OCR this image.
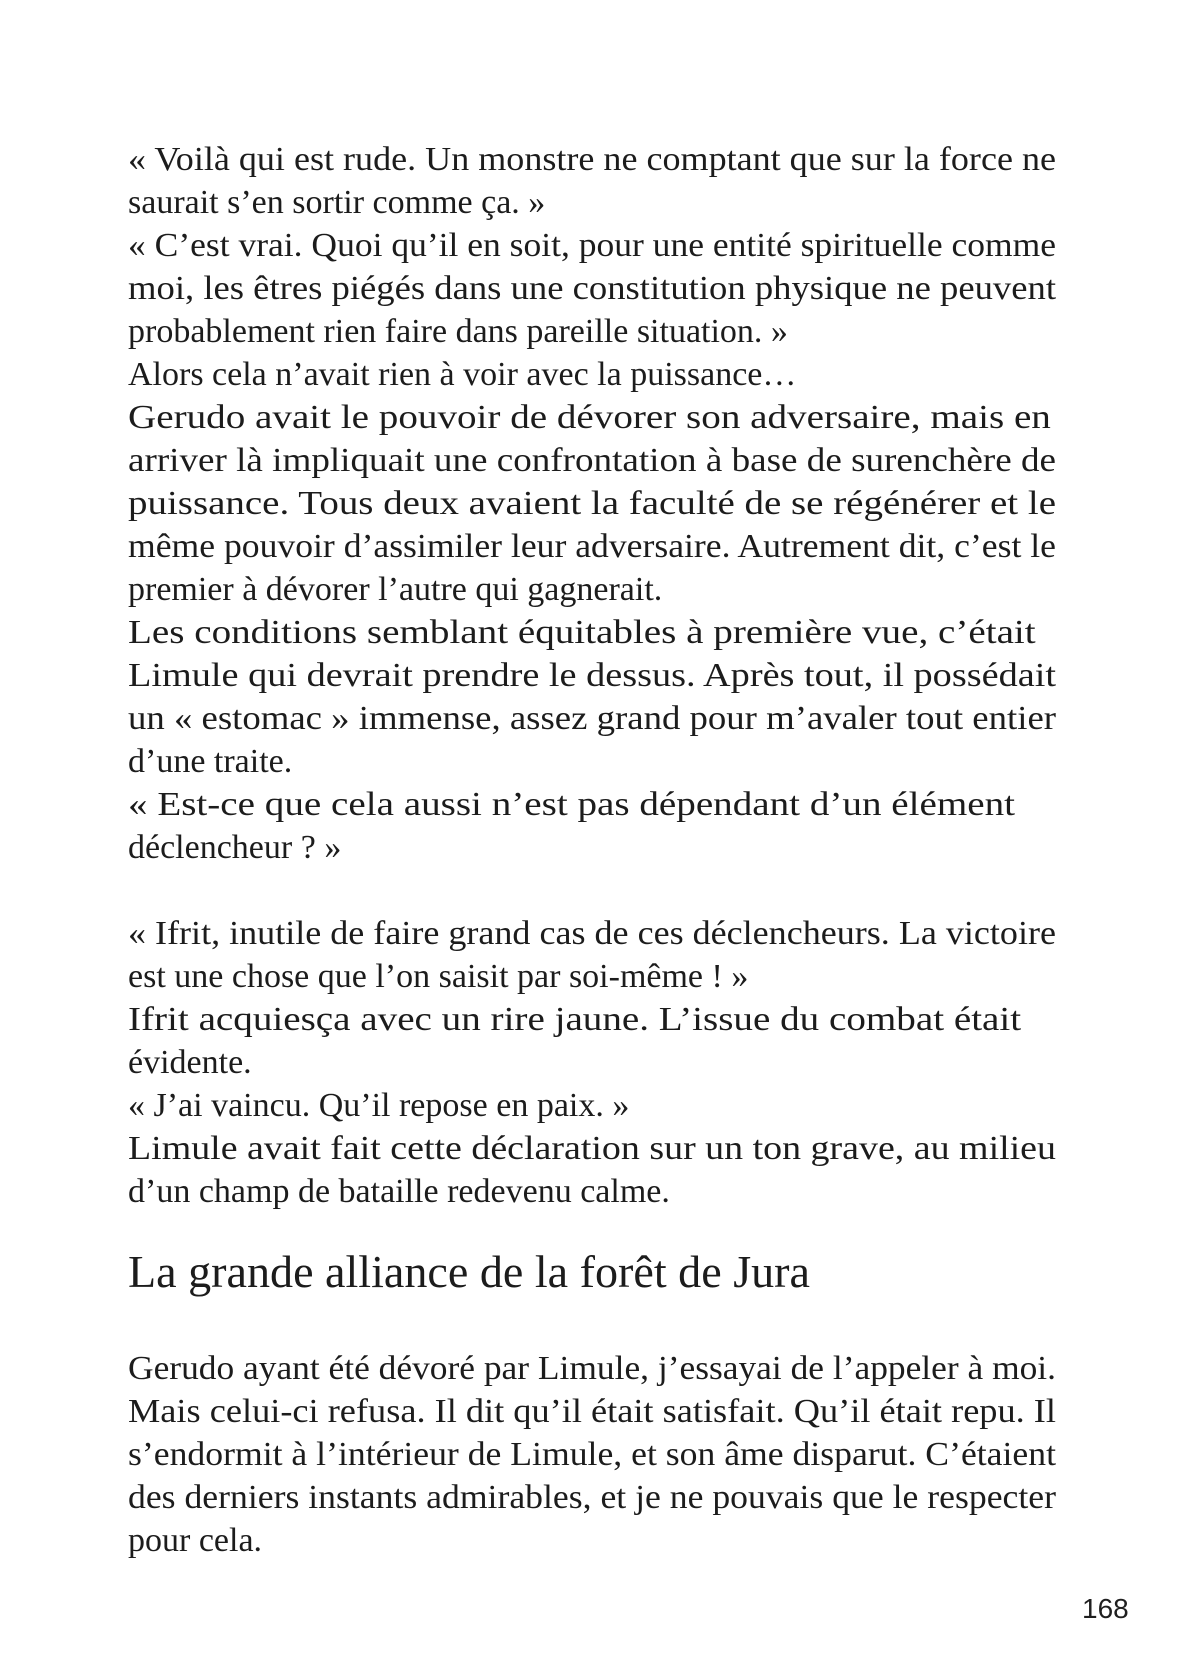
« Voilà qui est rude. Un monstre ne comptant que sur la force ne
saurait s’en sortir comme ça. »
« C’est vrai. Quoi qu’il en soit, pour une entité spirituelle comme
moi, les êtres piégés dans une constitution physique ne peuvent
probablement rien faire dans pareille situation. »
Alors cela n’avait rien à voir avec la puissance…
Gerudo avait le pouvoir de dévorer son adversaire, mais en
arriver là impliquait une confrontation à base de surenchère de
puissance. Tous deux avaient la faculté de se régénérer et le
même pouvoir d’assimiler leur adversaire. Autrement dit, c’est le
premier à dévorer l’autre qui gagnerait.
Les conditions semblant équitables à première vue, c’était
Limule qui devrait prendre le dessus. Après tout, il possédait
un « estomac » immense, assez grand pour m’avaler tout entier
d’une traite.
« Est-ce que cela aussi n’est pas dépendant d’un élément
déclencheur ? »
« Ifrit, inutile de faire grand cas de ces déclencheurs. La victoire
est une chose que l’on saisit par soi-même ! »
Ifrit acquiesça avec un rire jaune. L’issue du combat était
évidente.
« J’ai vaincu. Qu’il repose en paix. »
Limule avait fait cette déclaration sur un ton grave, au milieu
d’un champ de bataille redevenu calme.
La grande alliance de la forêt de Jura
Gerudo ayant été dévoré par Limule, j’essayai de l’appeler à moi.
Mais celui-ci refusa. Il dit qu’il était satisfait. Qu’il était repu. Il
s’endormit à l’intérieur de Limule, et son âme disparut. C’étaient
des derniers instants admirables, et je ne pouvais que le respecter
pour cela.
168
